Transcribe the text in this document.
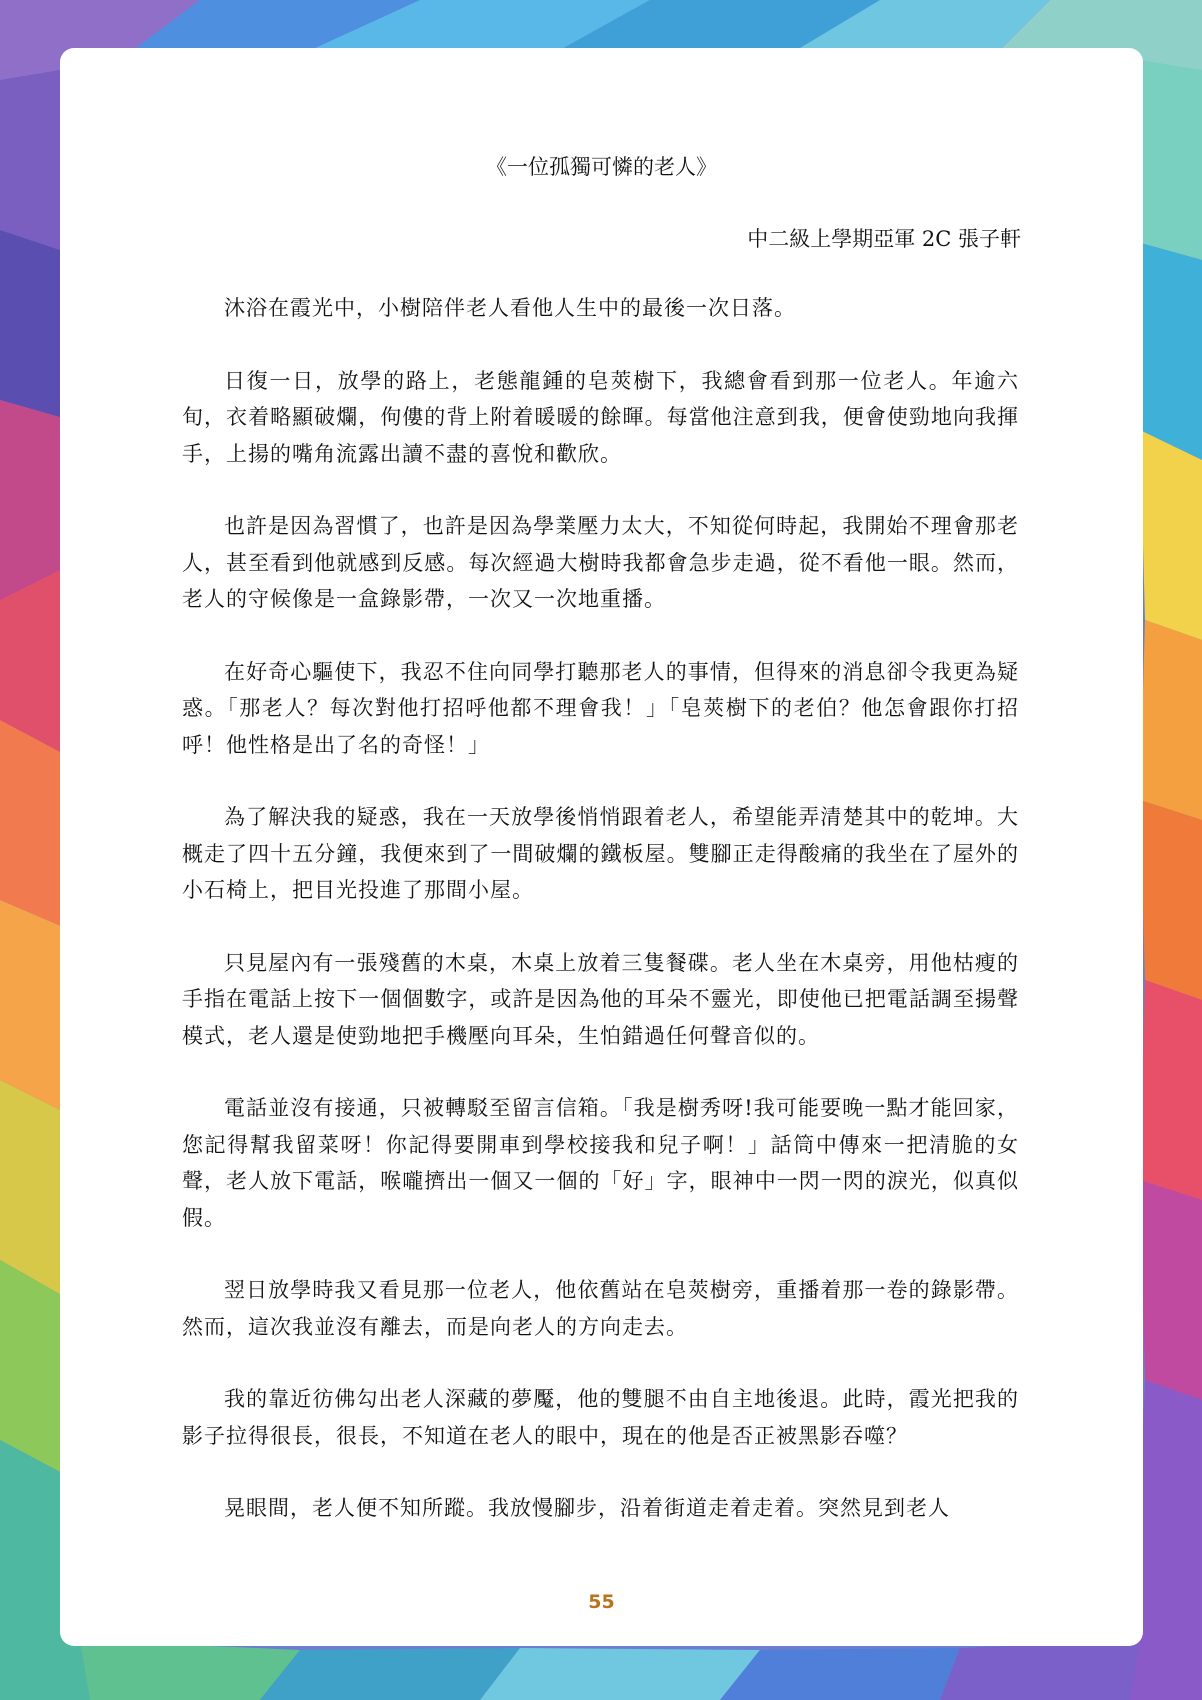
《一位孤獨可憐的老人》
中二級上學期亞軍 2C 張子軒

沐浴在霞光中，小樹陪伴老人看他人生中的最後一次日落。

日復一日，放學的路上，老態龍鍾的皂莢樹下，我總會看到那一位老人。年逾六旬，衣着略顯破爛，佝僂的背上附着暖暖的餘暉。每當他注意到我，便會使勁地向我揮手，上揚的嘴角流露出讀不盡的喜悅和歡欣。

也許是因為習慣了，也許是因為學業壓力太大，不知從何時起，我開始不理會那老人，甚至看到他就感到反感。每次經過大樹時我都會急步走過，從不看他一眼。然而，老人的守候像是一盒錄影帶，一次又一次地重播。

在好奇心驅使下，我忍不住向同學打聽那老人的事情，但得來的消息卻令我更為疑惑。「那老人？每次對他打招呼他都不理會我！」「皂莢樹下的老伯？他怎會跟你打招呼！他性格是出了名的奇怪！」

為了解決我的疑惑，我在一天放學後悄悄跟着老人，希望能弄清楚其中的乾坤。大概走了四十五分鐘，我便來到了一間破爛的鐵板屋。雙腳正走得酸痛的我坐在了屋外的小石椅上，把目光投進了那間小屋。

只見屋內有一張殘舊的木桌，木桌上放着三隻餐碟。老人坐在木桌旁，用他枯瘦的手指在電話上按下一個個數字，或許是因為他的耳朵不靈光，即使他已把電話調至揚聲模式，老人還是使勁地把手機壓向耳朵，生怕錯過任何聲音似的。

電話並沒有接通，只被轉駁至留言信箱。「我是樹秀呀!我可能要晚一點才能回家，您記得幫我留菜呀！你記得要開車到學校接我和兒子啊！」話筒中傳來一把清脆的女聲，老人放下電話，喉嚨擠出一個又一個的「好」字，眼神中一閃一閃的淚光，似真似假。

翌日放學時我又看見那一位老人，他依舊站在皂莢樹旁，重播着那一卷的錄影帶。然而，這次我並沒有離去，而是向老人的方向走去。

我的靠近彷佛勾出老人深藏的夢魘，他的雙腿不由自主地後退。此時，霞光把我的影子拉得很長，很長，不知道在老人的眼中，現在的他是否正被黑影吞噬？

晃眼間，老人便不知所蹤。我放慢腳步，沿着街道走着走着。突然見到老人

55
